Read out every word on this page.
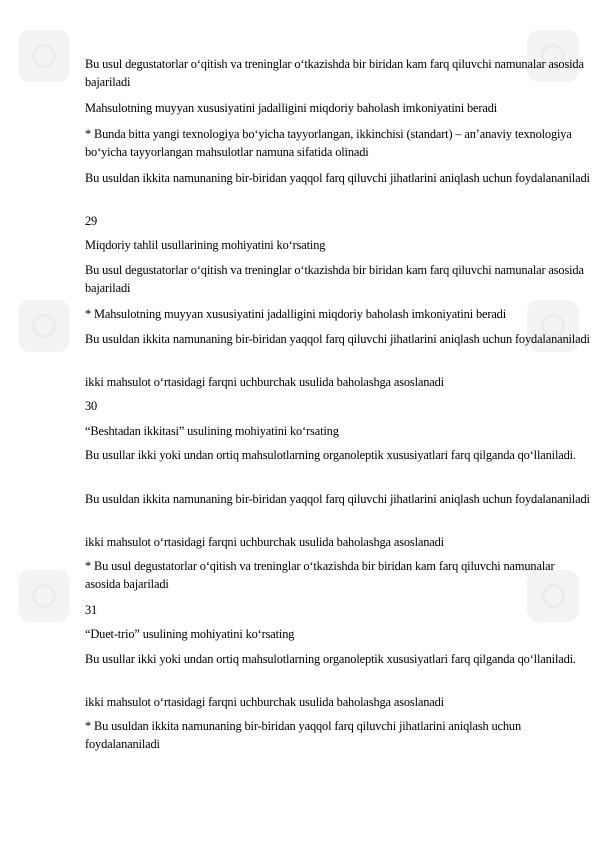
Bu usul degustatorlar o‘qitish va treninglar o‘tkazishda bir biridan kam farq qiluvchi namunalar asosida bajariladi
Mahsulotning muyyan xususiyatini jadalligini miqdoriy baholash imkoniyatini beradi
* Bunda bitta yangi texnologiya bo‘yicha tayyorlangan, ikkinchisi (standart) – an’anaviy texnologiya bo‘yicha tayyorlangan mahsulotlar namuna sifatida olinadi
Bu usuldan ikkita namunaning bir-biridan yaqqol farq qiluvchi jihatlarini aniqlash uchun foydalananiladi
29
Miqdoriy tahlil usullarining mohiyatini ko‘rsating
Bu usul degustatorlar o‘qitish va treninglar o‘tkazishda bir biridan kam farq qiluvchi namunalar asosida bajariladi
* Mahsulotning muyyan xususiyatini jadalligini miqdoriy baholash imkoniyatini beradi
Bu usuldan ikkita namunaning bir-biridan yaqqol farq qiluvchi jihatlarini aniqlash uchun foydalananiladi
ikki mahsulot o‘rtasidagi farqni uchburchak usulida baholashga asoslanadi
30
“Beshtadan ikkitasi” usulining mohiyatini ko‘rsating
Bu usullar ikki yoki undan ortiq mahsulotlarning organoleptik xususiyatlari farq qilganda qo‘llaniladi.
Bu usuldan ikkita namunaning bir-biridan yaqqol farq qiluvchi jihatlarini aniqlash uchun foydalananiladi
ikki mahsulot o‘rtasidagi farqni uchburchak usulida baholashga asoslanadi
* Bu usul degustatorlar o‘qitish va treninglar o‘tkazishda bir biridan kam farq qiluvchi namunalar asosida bajariladi
31
“Duet-trio” usulining mohiyatini ko‘rsating
Bu usullar ikki yoki undan ortiq mahsulotlarning organoleptik xususiyatlari farq qilganda qo‘llaniladi.
ikki mahsulot o‘rtasidagi farqni uchburchak usulida baholashga asoslanadi
* Bu usuldan ikkita namunaning bir-biridan yaqqol farq qiluvchi jihatlarini aniqlash uchun foydalananiladi
